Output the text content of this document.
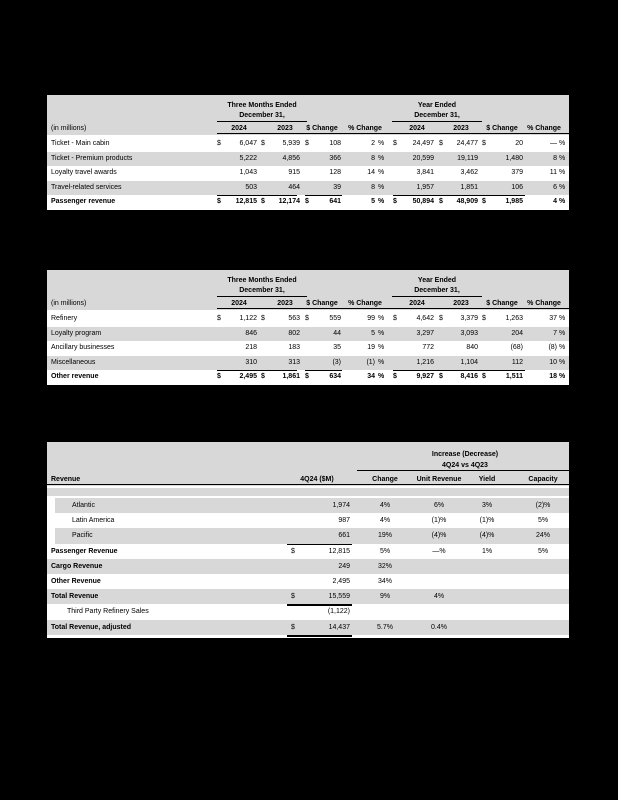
Three Months Ended
December 31,
Year Ended
December 31,
(in millions)	2024	2023	$ Change	% Change	2024	2023	$ Change	% Change
Ticket - Main cabin	$	6,047 $	5,939 $	108	2 % $	24,497 $	24,477 $	20	— %
Ticket - Premium products	5,222	4,856	366	8 %	20,599	19,119	1,480	8 %
Loyalty travel awards	1,043	915	128	14 %	3,841	3,462	379	11 %
Travel-related services	503	464	39	8 %	1,957	1,851	106	6 %
Passenger revenue	$	12,815 $	12,174 $	641	5 % $	50,894 $	48,909 $	1,985	4 %
Three Months Ended
December 31,
Year Ended
December 31,
(in millions)	2024	2023	$ Change	% Change	2024	2023	$ Change	% Change
Refinery	$	1,122 $	563 $	559	99 % $	4,642 $	3,379 $	1,263	37 %
Loyalty program	846	802	44	5 %	3,297	3,093	204	7 %
Ancillary businesses	218	183	35	19 %	772	840	(68)	(8) %
Miscellaneous	310	313	(3)	(1) %	1,216	1,104	112	10 %
Other revenue	$	2,495 $	1,861 $	634	34 % $	9,927 $	8,416 $	1,511	18 %
Increase (Decrease)
4Q24 vs 4Q23
Revenue	4Q24 ($M)	Change	Unit Revenue	Yield	Capacity
Atlantic	1,974	4%	6%	3%	(2)%
Latin America	987	4%	(1)%	(1)%	5%
Pacific	661	19%	(4)%	(4)%	24%
Passenger Revenue	$	12,815	5%	—%	1%	5%
Cargo Revenue	249	32%
Other Revenue	2,495	34%
Total Revenue	$	15,559	9%	4%
Third Party Refinery Sales	(1,122)
Total Revenue, adjusted	$	14,437	5.7%	0.4%
